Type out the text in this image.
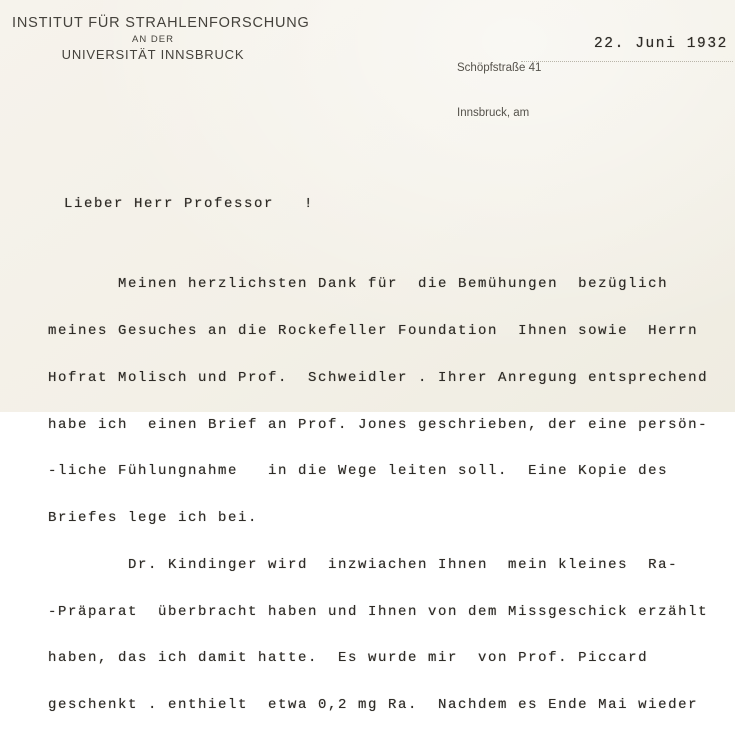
INSTITUT FÜR STRAHLENFORSCHUNG
AN DER
UNIVERSITÄT INNSBRUCK

Schöpfstraße 41

Innsbruck, am

22. Juni 1932
Lieber Herr Professor   !

Meinen herzlichsten Dank für  die Bemühungen  bezüglich

meines Gesuches an die Rockefeller Foundation  Ihnen sowie  Herrn

Hofrat Molisch und Prof.  Schweidler . Ihrer Anregung entsprechend

habe ich  einen Brief an Prof. Jones geschrieben, der eine persön-

-liche Fühlungnahme   in die Wege leiten soll.  Eine Kopie des

Briefes lege ich bei.

Dr. Kindinger wird  inzwiachen Ihnen  mein kleines  Ra-

-Präparat  überbracht haben und Ihnen von dem Missgeschick erzählt

haben, das ich damit hatte.  Es wurde mir  von Prof. Piccard

geschenkt . enthielt  etwa 0,2 mg Ra.  Nachdem es Ende Mai wieder
